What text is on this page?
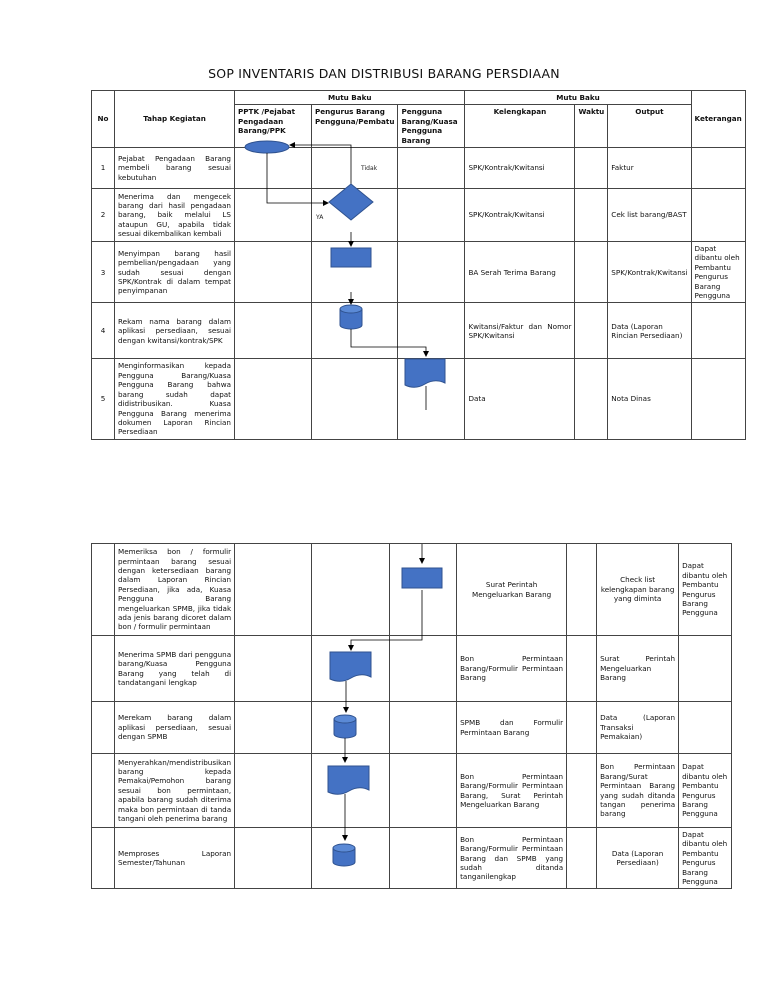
SOP INVENTARIS DAN DISTRIBUSI BARANG PERSDIAAN
No	Tahap Kegiatan	Mutu Baku			Mutu Baku			Keterangan
		PPTK /Pejabat Pengadaan Barang/PPK	Pengurus Barang Pengguna/Pembatu	Pengguna Barang/Kuasa Pengguna Barang	Kelengkapan	Waktu	Output	
1	Pejabat Pengadaan Barang membeli barang sesuai kebutuhan				SPK/Kontrak/Kwitansi		Faktur	
2	Menerima dan mengecek barang dari hasil pengadaan barang, baik melalui LS ataupun GU, apabila tidak sesuai dikembalikan kembali				SPK/Kontrak/Kwitansi		Cek list barang/BAST	
3	Menyimpan barang hasil pembelian/pengadaan yang sudah sesuai dengan SPK/Kontrak di dalam tempat penyimpanan				BA Serah Terima Barang		SPK/Kontrak/Kwitansi	Dapat dibantu oleh Pembantu Pengurus Barang Pengguna
4	Rekam nama barang dalam aplikasi persediaan, sesuai dengan kwitansi/kontrak/SPK				Kwitansi/Faktur dan Nomor SPK/Kwitansi		Data (Laporan Rincian Persediaan)	
5	Menginformasikan kepada Pengguna Barang/Kuasa Pengguna Barang bahwa barang sudah dapat didistribusikan. Kuasa Pengguna Barang menerima dokumen Laporan Rincian Persediaan				Data		Nota Dinas	
	Memeriksa bon / formulir permintaan barang sesuai dengan ketersediaan barang dalam Laporan Rincian Persediaan, jika ada, Kuasa Pengguna Barang mengeluarkan SPMB, jika tidak ada jenis barang dicoret dalam bon / formulir permintaan				Surat Perintah Mengeluarkan Barang		Check list kelengkapan barang yang diminta	Dapat dibantu oleh Pembantu Pengurus Barang Pengguna
	Menerima SPMB dari pengguna barang/Kuasa Pengguna Barang yang telah di tandatangani lengkap				Bon Permintaan Barang/Formulir Permintaan Barang		Surat Perintah Mengeluarkan Barang	
	Merekam barang dalam aplikasi persediaan, sesuai dengan SPMB				SPMB dan Formulir Permintaan Barang		Data (Laporan Transaksi Pemakaian)	
	Menyerahkan/mendistribusikan barang kepada Pemakai/Pemohon barang sesuai bon permintaan, apabila barang sudah diterima maka bon permintaan di tanda tangani oleh penerima barang				Bon Permintaan Barang/Formulir Permintaan Barang, Surat Perintah Mengeluarkan Barang		Bon Permintaan Barang/Surat Permintaan Barang yang sudah ditanda tangan penerima barang	Dapat dibantu oleh Pembantu Pengurus Barang Pengguna
	Memproses Laporan Semester/Tahunan				Bon Permintaan Barang/Formulir Permintaan Barang dan SPMB yang sudah ditanda tanganilengkap		Data (Laporan Persediaan)	Dapat dibantu oleh Pembantu Pengurus Barang Pengguna
Tidak
YA
